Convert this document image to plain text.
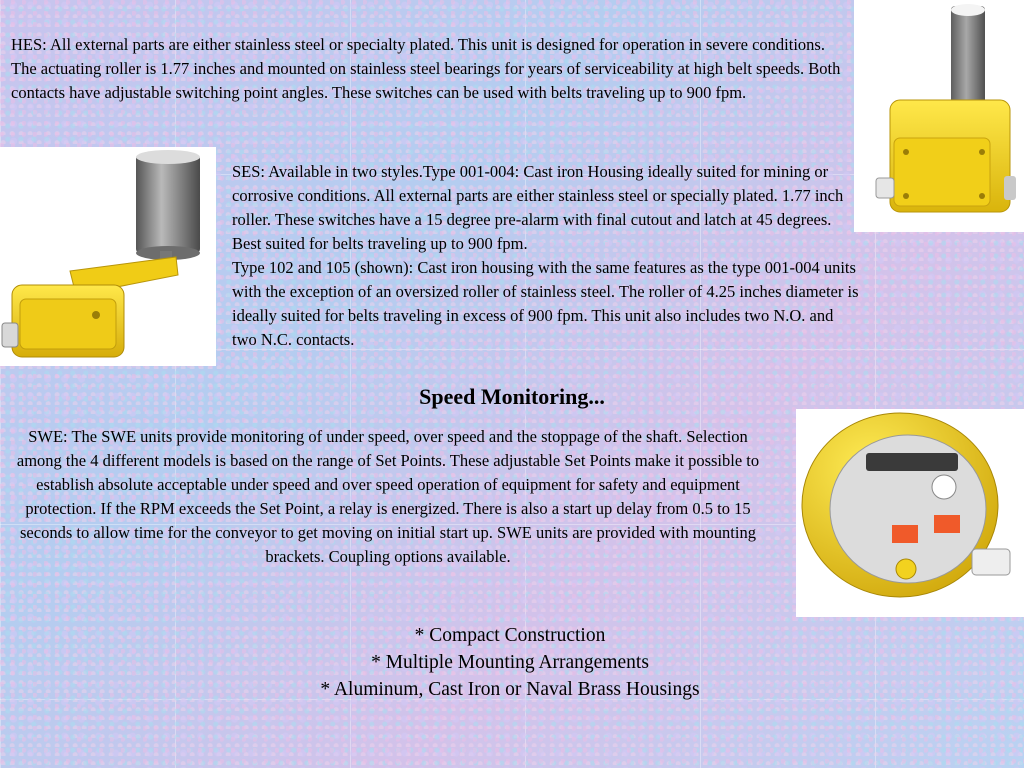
HES: All external parts are either stainless steel or specialty plated. This unit is designed for operation in severe conditions. The actuating roller is 1.77 inches and mounted on stainless steel bearings for years of serviceability at high belt speeds. Both contacts have adjustable switching point angles. These switches can be used with belts traveling up to 900 fpm.

SES: Available in two styles.Type 001-004: Cast iron Housing ideally suited for mining or corrosive conditions. All external parts are either stainless steel or specially plated. 1.77 inch roller. These switches have a 15 degree pre-alarm with final cutout and latch at 45 degrees. Best suited for belts traveling up to 900 fpm.
Type 102 and 105 (shown): Cast iron housing with the same features as the type 001-004 units with the exception of an oversized roller of stainless steel. The roller of 4.25 inches diameter is ideally suited for belts traveling in excess of 900 fpm. This unit also includes two N.O. and two N.C. contacts.

Speed Monitoring...

SWE: The SWE units provide monitoring of under speed, over speed and the stoppage of the shaft. Selection among the 4 different models is based on the range of Set Points. These adjustable Set Points make it possible to establish absolute acceptable under speed and over speed operation of equipment for safety and equipment protection. If the RPM exceeds the Set Point, a relay is energized. There is also a start up delay from 0.5 to 15 seconds to allow time for the conveyor to get moving on initial start up. SWE units are provided with mounting brackets. Coupling options available.

* Compact Construction
* Multiple Mounting Arrangements
* Aluminum, Cast Iron or Naval Brass Housings
